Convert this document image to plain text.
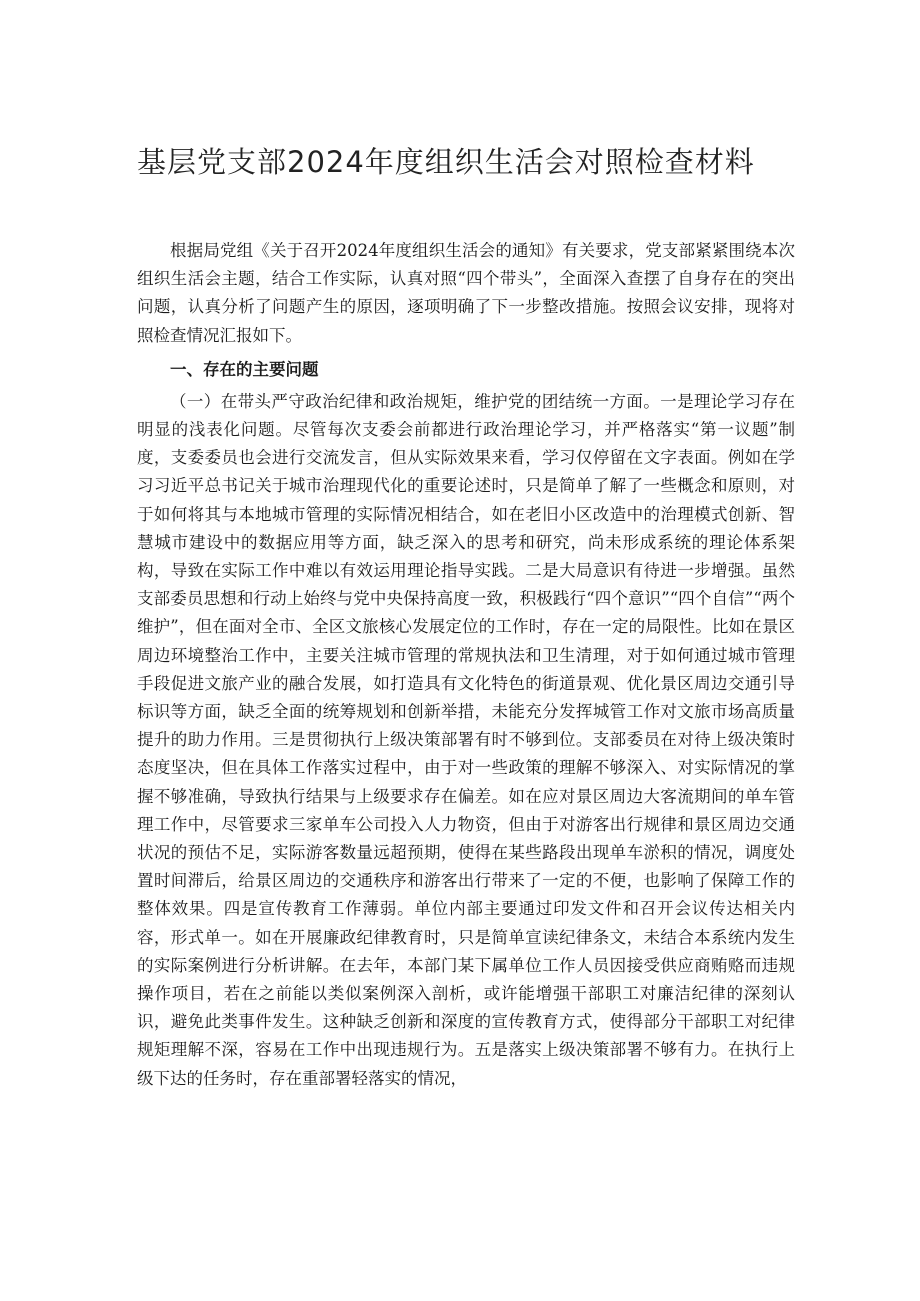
基层党支部2024年度组织生活会对照检查材料

根据局党组《关于召开2024年度组织生活会的通知》有关要求，党支部紧紧围绕本次组织生活会主题，结合工作实际，认真对照“四个带头”，全面深入查摆了自身存在的突出问题，认真分析了问题产生的原因，逐项明确了下一步整改措施。按照会议安排，现将对照检查情况汇报如下。

一、存在的主要问题

（一）在带头严守政治纪律和政治规矩，维护党的团结统一方面。一是理论学习存在明显的浅表化问题。尽管每次支委会前都进行政治理论学习，并严格落实“第一议题”制度，支委委员也会进行交流发言，但从实际效果来看，学习仅停留在文字表面。例如在学习习近平总书记关于城市治理现代化的重要论述时，只是简单了解了一些概念和原则，对于如何将其与本地城市管理的实际情况相结合，如在老旧小区改造中的治理模式创新、智慧城市建设中的数据应用等方面，缺乏深入的思考和研究，尚未形成系统的理论体系架构，导致在实际工作中难以有效运用理论指导实践。二是大局意识有待进一步增强。虽然支部委员思想和行动上始终与党中央保持高度一致，积极践行“四个意识”“四个自信”“两个维护”，但在面对全市、全区文旅核心发展定位的工作时，存在一定的局限性。比如在景区周边环境整治工作中，主要关注城市管理的常规执法和卫生清理，对于如何通过城市管理手段促进文旅产业的融合发展，如打造具有文化特色的街道景观、优化景区周边交通引导标识等方面，缺乏全面的统筹规划和创新举措，未能充分发挥城管工作对文旅市场高质量提升的助力作用。三是贯彻执行上级决策部署有时不够到位。支部委员在对待上级决策时态度坚决，但在具体工作落实过程中，由于对一些政策的理解不够深入、对实际情况的掌握不够准确，导致执行结果与上级要求存在偏差。如在应对景区周边大客流期间的单车管理工作中，尽管要求三家单车公司投入人力物资，但由于对游客出行规律和景区周边交通状况的预估不足，实际游客数量远超预期，使得在某些路段出现单车淤积的情况，调度处置时间滞后，给景区周边的交通秩序和游客出行带来了一定的不便，也影响了保障工作的整体效果。四是宣传教育工作薄弱。单位内部主要通过印发文件和召开会议传达相关内容，形式单一。如在开展廉政纪律教育时，只是简单宣读纪律条文，未结合本系统内发生的实际案例进行分析讲解。在去年，本部门某下属单位工作人员因接受供应商贿赂而违规操作项目，若在之前能以类似案例深入剖析，或许能增强干部职工对廉洁纪律的深刻认识，避免此类事件发生。这种缺乏创新和深度的宣传教育方式，使得部分干部职工对纪律规矩理解不深，容易在工作中出现违规行为。五是落实上级决策部署不够有力。在执行上级下达的任务时，存在重部署轻落实的情况，
